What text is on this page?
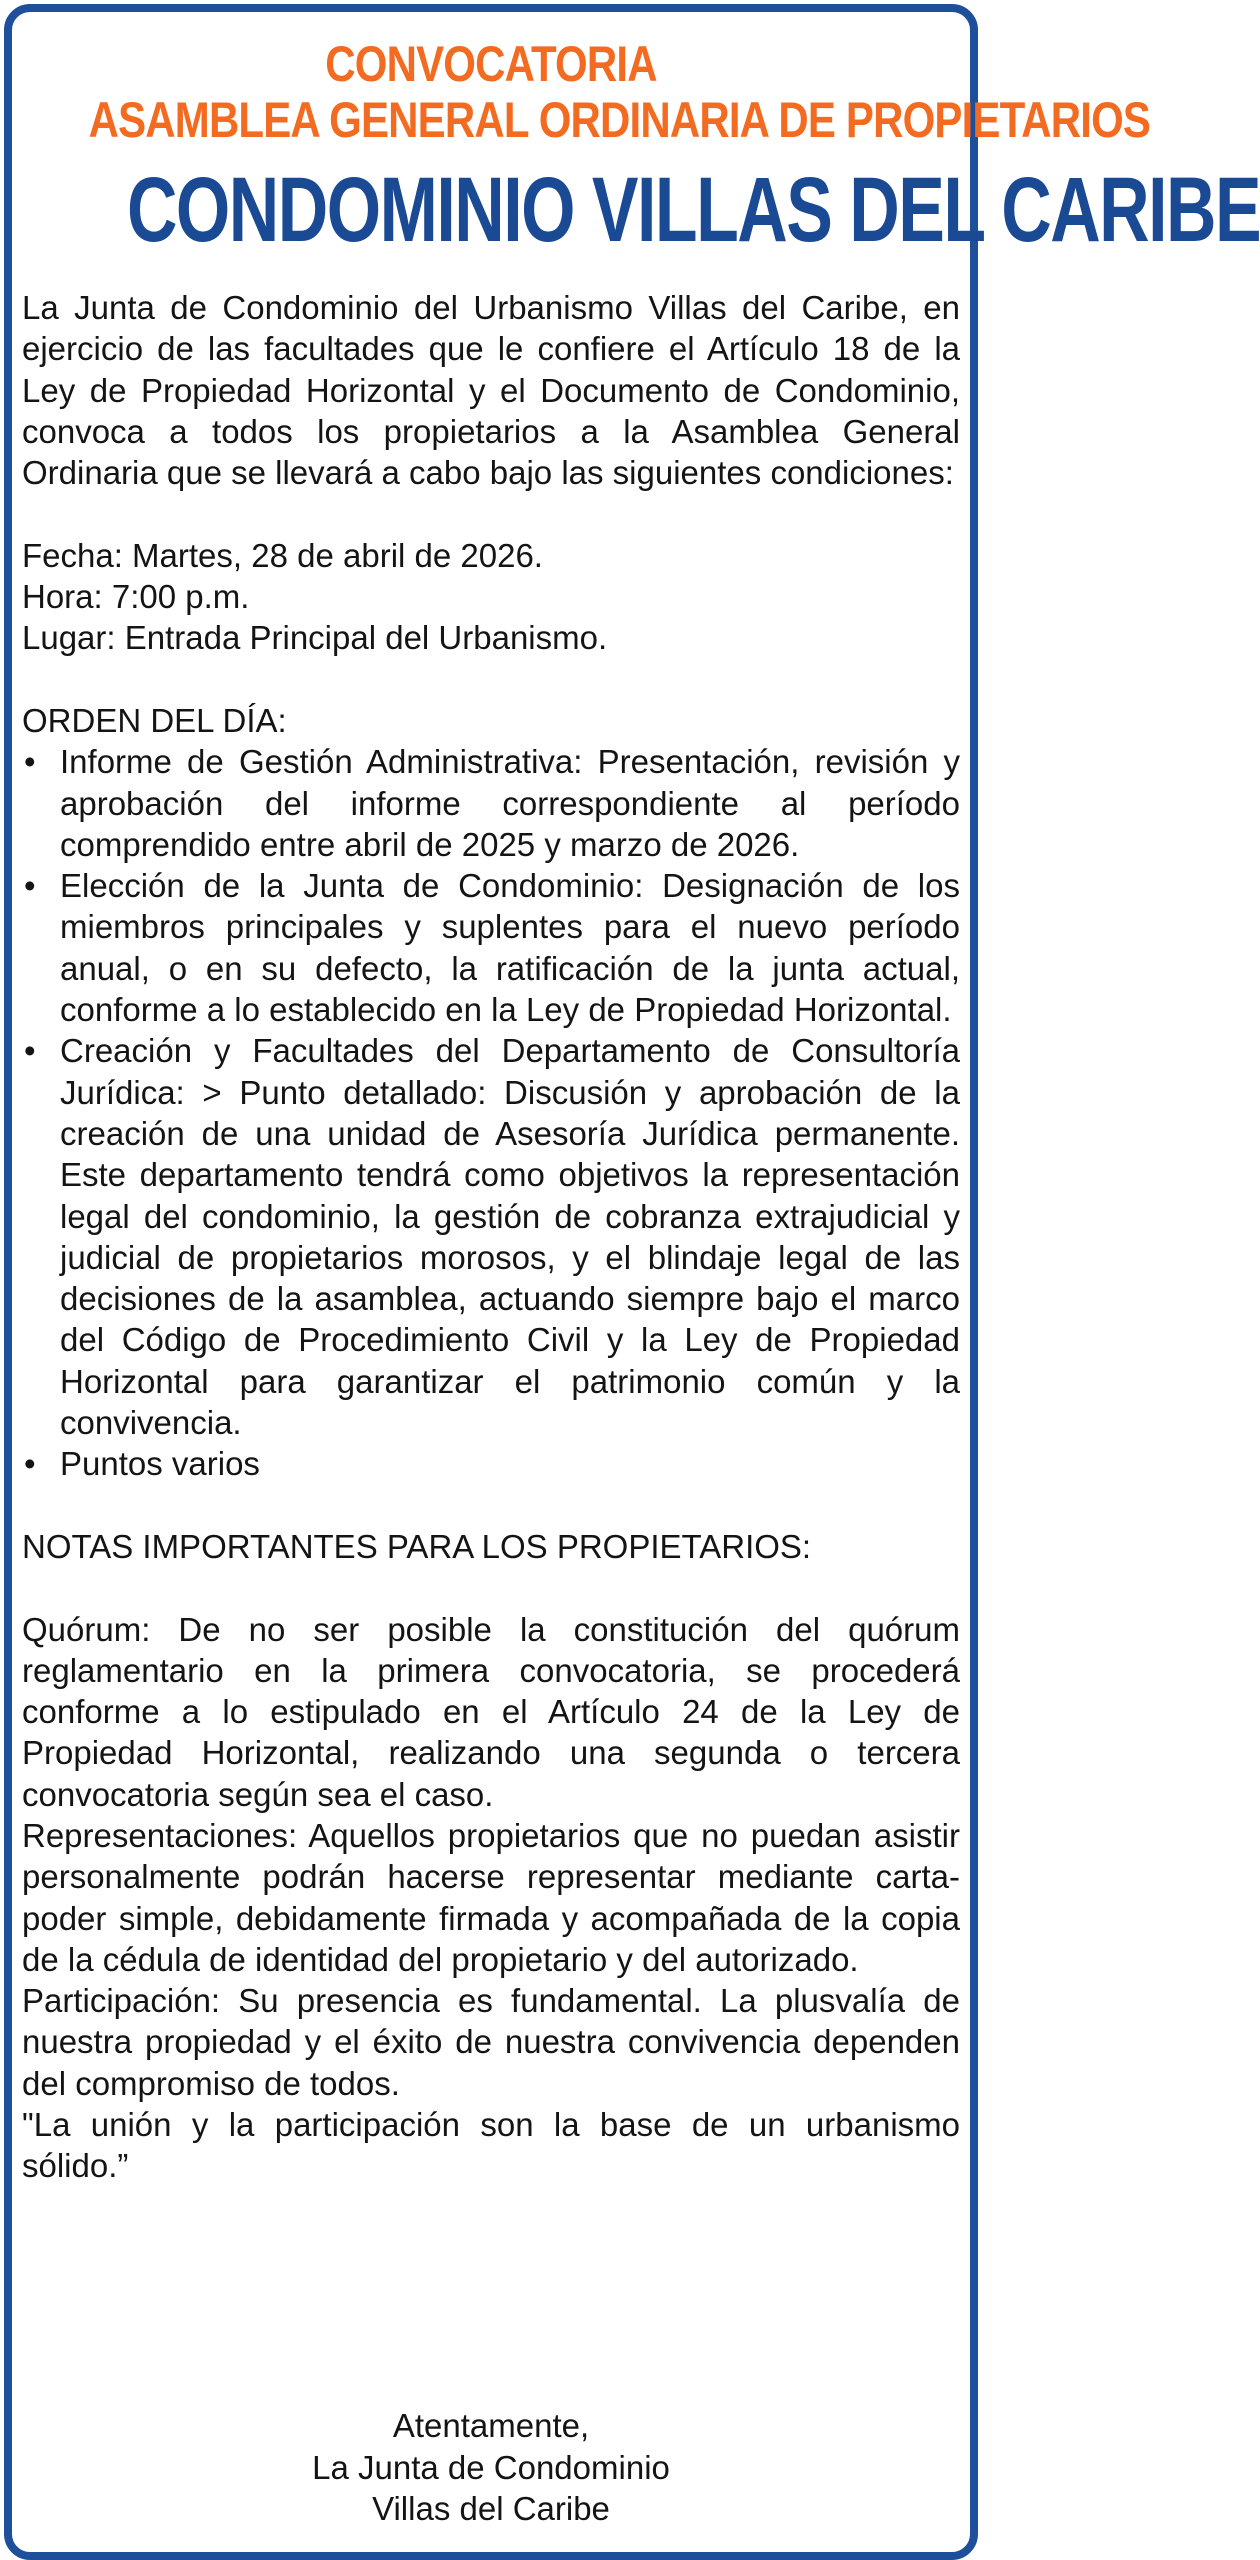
CONVOCATORIA
ASAMBLEA GENERAL ORDINARIA DE PROPIETARIOS
CONDOMINIO VILLAS DEL CARIBE

La Junta de Condominio del Urbanismo Villas del Caribe, en ejercicio de las facultades que le confiere el Artículo 18 de la Ley de Propiedad Horizontal y el Documento de Condominio, convoca a todos los propietarios a la Asamblea General Ordinaria que se llevará a cabo bajo las siguientes condiciones:

Fecha: Martes, 28 de abril de 2026.

Hora: 7:00 p.m.

Lugar: Entrada Principal del Urbanismo.

ORDEN DEL DÍA:

• Informe de Gestión Administrativa: Presentación, revisión y aprobación del informe correspondiente al período comprendido entre abril de 2025 y marzo de 2026.
• Elección de la Junta de Condominio: Designación de los miembros principales y suplentes para el nuevo período anual, o en su defecto, la ratificación de la junta actual, conforme a lo establecido en la Ley de Propiedad Horizontal.
• Creación y Facultades del Departamento de Consultoría Jurídica: > Punto detallado: Discusión y aprobación de la creación de una unidad de Asesoría Jurídica permanente. Este departamento tendrá como objetivos la representación legal del condominio, la gestión de cobranza extrajudicial y judicial de propietarios morosos, y el blindaje legal de las decisiones de la asamblea, actuando siempre bajo el marco del Código de Procedimiento Civil y la Ley de Propiedad Horizontal para garantizar el patrimonio común y la convivencia.
• Puntos varios

NOTAS IMPORTANTES PARA LOS PROPIETARIOS:

Quórum: De no ser posible la constitución del quórum reglamentario en la primera convocatoria, se procederá conforme a lo estipulado en el Artículo 24 de la Ley de Propiedad Horizontal, realizando una segunda o tercera convocatoria según sea el caso.

Representaciones: Aquellos propietarios que no puedan asistir personalmente podrán hacerse representar mediante carta-poder simple, debidamente firmada y acompañada de la copia de la cédula de identidad del propietario y del autorizado.

Participación: Su presencia es fundamental. La plusvalía de nuestra propiedad y el éxito de nuestra convivencia dependen del compromiso de todos.

"La unión y la participación son la base de un urbanismo sólido.”

Atentamente,
La Junta de Condominio
Villas del Caribe
